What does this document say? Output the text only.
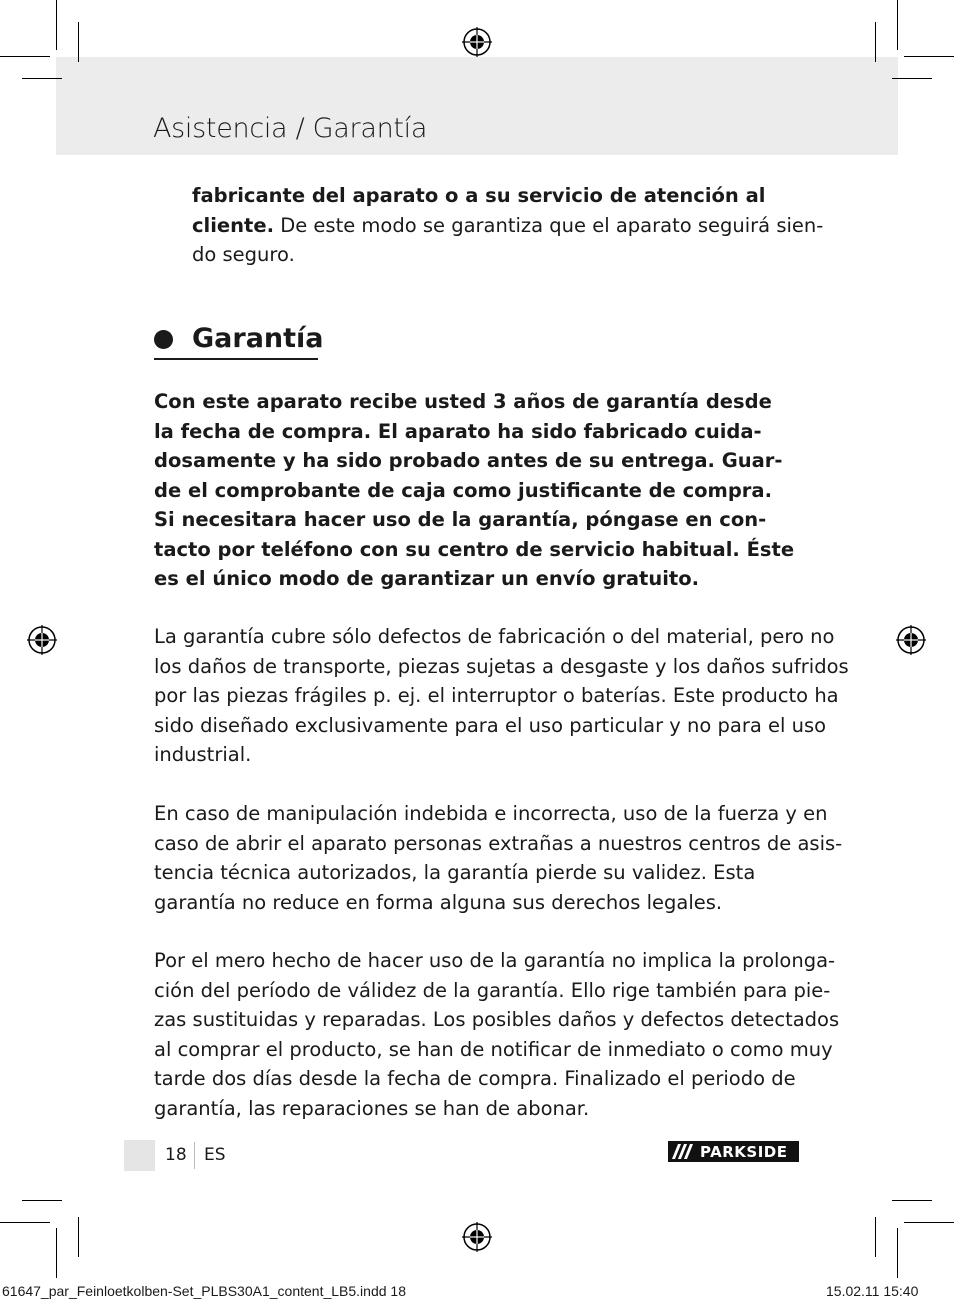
Asistencia / Garantía

fabricante del aparato o a su servicio de atención al
cliente. De este modo se garantiza que el aparato seguirá sien-
do seguro.

Garantía

Con este aparato recibe usted 3 años de garantía desde
la fecha de compra. El aparato ha sido fabricado cuida-
dosamente y ha sido probado antes de su entrega. Guar-
de el comprobante de caja como justificante de compra.
Si necesitara hacer uso de la garantía, póngase en con-
tacto por teléfono con su centro de servicio habitual. Éste
es el único modo de garantizar un envío gratuito.

La garantía cubre sólo defectos de fabricación o del material, pero no
los daños de transporte, piezas sujetas a desgaste y los daños sufridos
por las piezas frágiles p. ej. el interruptor o baterías. Este producto ha
sido diseñado exclusivamente para el uso particular y no para el uso
industrial.

En caso de manipulación indebida e incorrecta, uso de la fuerza y en
caso de abrir el aparato personas extrañas a nuestros centros de asis-
tencia técnica autorizados, la garantía pierde su validez. Esta
garantía no reduce en forma alguna sus derechos legales.

Por el mero hecho de hacer uso de la garantía no implica la prolonga-
ción del período de válidez de la garantía. Ello rige también para pie-
zas sustituidas y reparadas. Los posibles daños y defectos detectados
al comprar el producto, se han de notificar de inmediato o como muy
tarde dos días desde la fecha de compra. Finalizado el periodo de
garantía, las reparaciones se han de abonar.

18 ES	PARKSIDE
61647_par_Feinloetkolben-Set_PLBS30A1_content_LB5.indd 18	15.02.11 15:40
